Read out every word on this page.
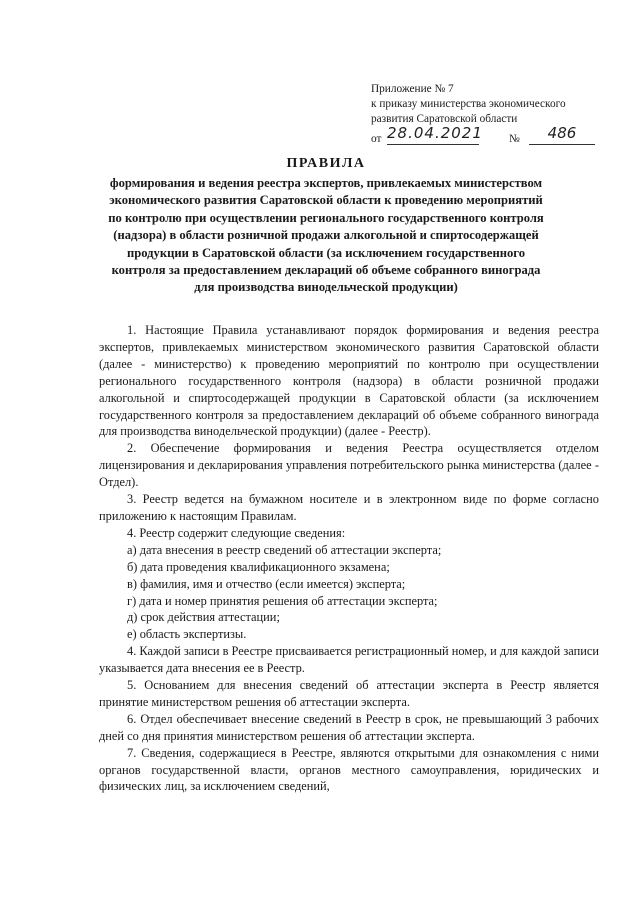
Приложение № 7
к приказу министерства экономического
развития Саратовской области
от 28.04.2021 №	486
ПРАВИЛА
формирования и ведения реестра экспертов, привлекаемых министерством экономического развития Саратовской области к проведению мероприятий по контролю при осуществлении регионального государственного контроля (надзора) в области розничной продажи алкогольной и спиртосодержащей продукции в Саратовской области (за исключением государственного контроля за предоставлением деклараций об объеме собранного винограда для производства винодельческой продукции)

1. Настоящие Правила устанавливают порядок формирования и ведения реестра экспертов, привлекаемых министерством экономического развития Саратовской области (далее - министерство) к проведению мероприятий по контролю при осуществлении регионального государственного контроля (надзора) в области розничной продажи алкогольной и спиртосодержащей продукции в Саратовской области (за исключением государственного контроля за предоставлением деклараций об объеме собранного винограда для производства винодельческой продукции) (далее - Реестр).

2. Обеспечение формирования и ведения Реестра осуществляется отделом лицензирования и декларирования управления потребительского рынка министерства (далее - Отдел).

3. Реестр ведется на бумажном носителе и в электронном виде по форме согласно приложению к настоящим Правилам.

4. Реестр содержит следующие сведения:

а) дата внесения в реестр сведений об аттестации эксперта;

б) дата проведения квалификационного экзамена;

в) фамилия, имя и отчество (если имеется) эксперта;

г) дата и номер принятия решения об аттестации эксперта;

д) срок действия аттестации;

е) область экспертизы.

4. Каждой записи в Реестре присваивается регистрационный номер, и для каждой записи указывается дата внесения ее в Реестр.

5. Основанием для внесения сведений об аттестации эксперта в Реестр является принятие министерством решения об аттестации эксперта.

6. Отдел обеспечивает внесение сведений в Реестр в срок, не превышающий 3 рабочих дней со дня принятия министерством решения об аттестации эксперта.

7. Сведения, содержащиеся в Реестре, являются открытыми для ознакомления с ними органов государственной власти, органов местного самоуправления, юридических и физических лиц, за исключением сведений,
